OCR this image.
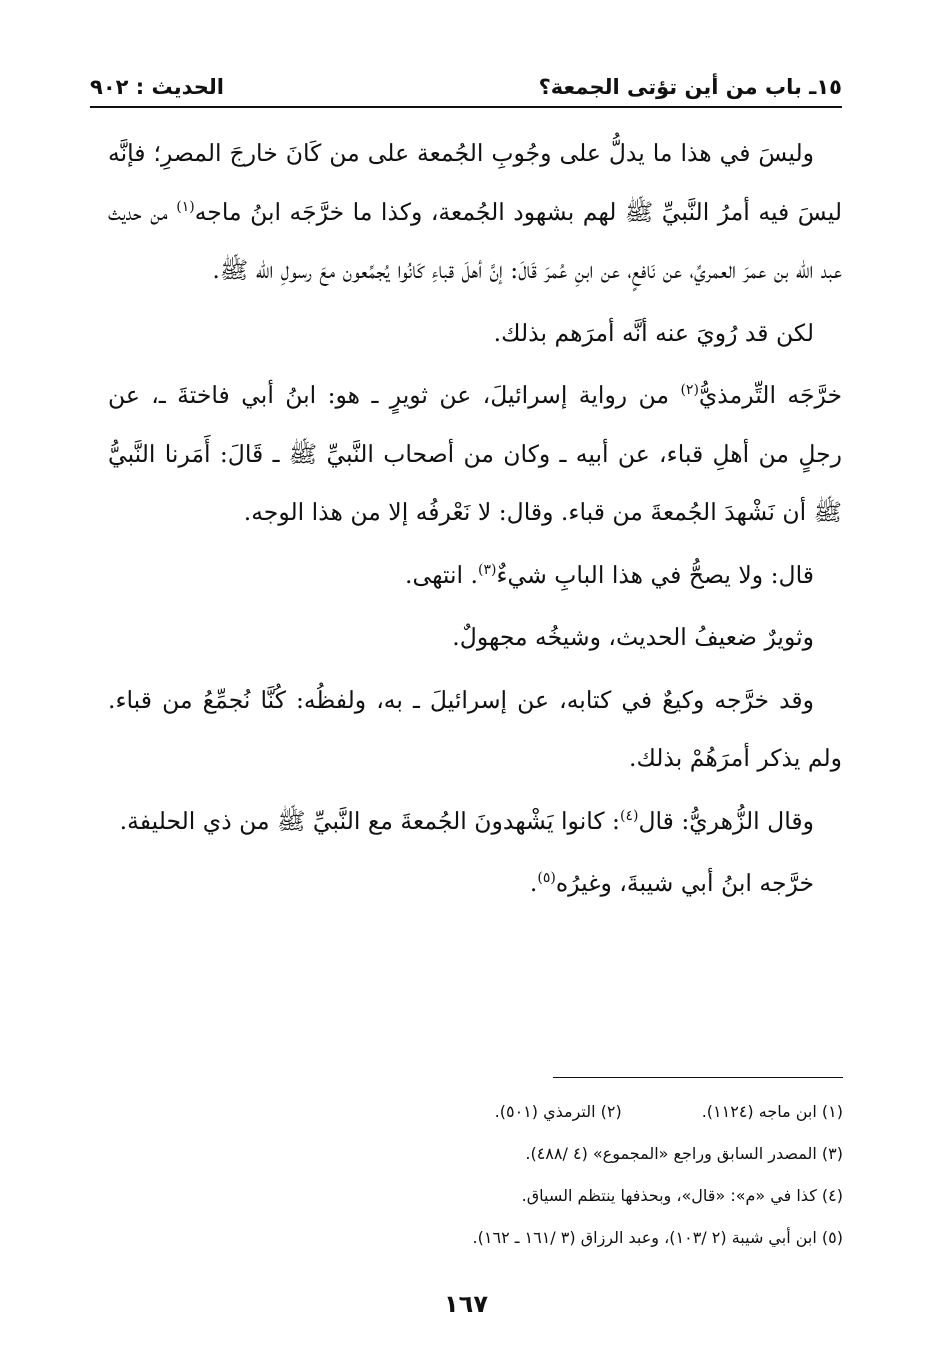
١٥ـ باب من أين تؤتى الجمعة؟
الحديث : ٩٠٢

وليسَ في هذا ما يدلُّ على وجُوبِ الجُمعة على من كَانَ خارجَ المصرِ؛ فإنَّه ليسَ فيه أمرُ النَّبيِّ ﷺ لهم بشهود الجُمعة، وكذا ما خرَّجَه ابنُ ماجه$^{(١)}$ من حديث عبد الله بن عمرَ العمريِّ، عن نَافعٍ، عن ابنِ عُمرَ قَالَ: إنَّ أهلَ قباءِ كَانُوا يُجمِّعون معَ رسولِ الله ﷺ.

لكن قد رُويَ عنه أنَّه أمرَهم بذلك.

خرَّجَه التِّرمذيُّ$^{(٢)}$ من رواية إسرائيلَ، عن ثويرٍ ـ هو: ابنُ أبي فاختةَ ـ، عن رجلٍ من أهلِ قباء، عن أبيه ـ وكان من أصحاب النَّبيِّ ﷺ ـ قَالَ: أَمَرنا النَّبيُّ ﷺ أن نَشْهدَ الجُمعةَ من قباء. وقال: لا نَعْرفُه إلا من هذا الوجه.

قال: ولا يصحُّ في هذا البابِ شيءٌ$^{(٣)}$. انتهى.

وثويرٌ ضعيفُ الحديث، وشيخُه مجهولٌ.

وقد خرَّجه وكيعٌ في كتابه، عن إسرائيلَ ـ به، ولفظُه: كُنَّا نُجمِّعُ من قباء. ولم يذكر أمرَهُمْ بذلك.

وقال الزُّهريُّ: قال$^{(٤)}$: كانوا يَشْهدونَ الجُمعةَ مع النَّبيِّ ﷺ من ذي الحليفة.

خرَّجه ابنُ أبي شيبةَ، وغيرُه$^{(٥)}$.

(١) ابن ماجه (١١٢٤).
(٢) الترمذي (٥٠١).
(٣) المصدر السابق وراجع «المجموع» (٤ /٤٨٨).
(٤) كذا في «م»: «قال»، وبحذفها ينتظم السياق.
(٥) ابن أبي شيبة (٢ /١٠٣)، وعبد الرزاق (٣ /١٦١ ـ ١٦٢).
١٦٧
